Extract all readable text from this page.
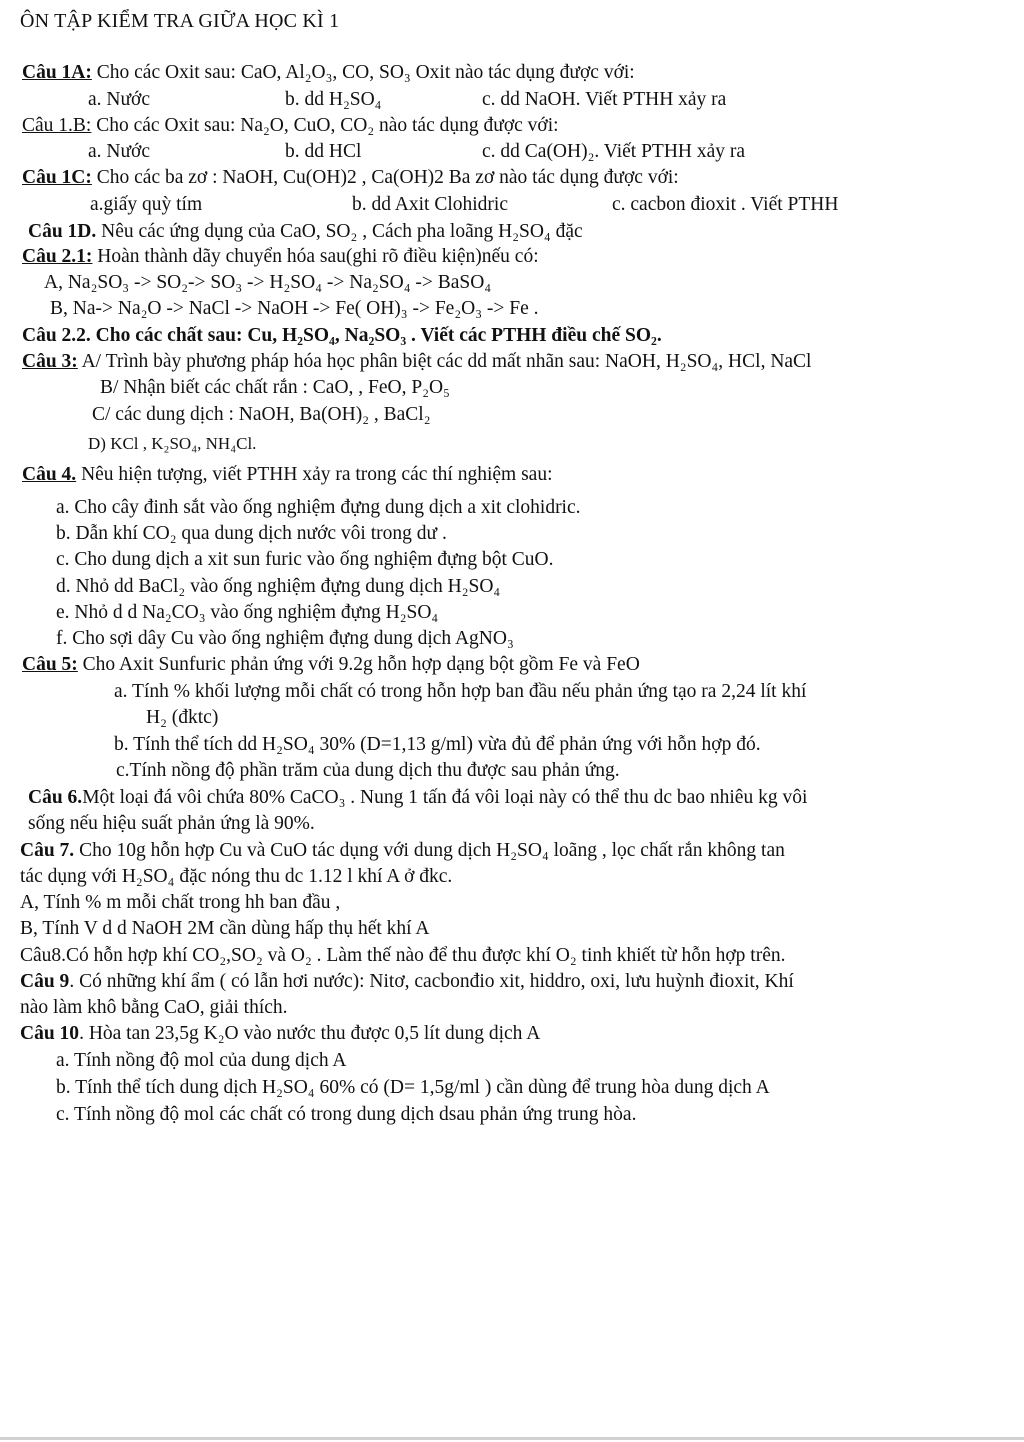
ÔN TẬP KIỂM TRA GIỮA HỌC KÌ 1
Câu 1A: Cho các Oxit sau: CaO, Al₂O₃, CO, SO₃ Oxit nào tác dụng được với:
a. Nước	b. dd H₂SO₄	c. dd NaOH. Viết PTHH xảy ra
Câu 1.B: Cho các Oxit sau: Na₂O, CuO, CO₂ nào tác dụng được với:
a. Nước	b. dd HCl	c. dd Ca(OH)₂. Viết PTHH xảy ra
Câu 1C: Cho các ba zơ : NaOH, Cu(OH)2 , Ca(OH)2 Ba zơ nào tác dụng được với:
a.giấy quỳ tím	b. dd Axit Clohidric	c. cacbon đioxit . Viết PTHH
Câu 1D. Nêu các ứng dụng của CaO, SO₂ , Cách pha loãng H₂SO₄ đặc
Câu 2.1: Hoàn thành dãy chuyển hóa sau(ghi rõ điều kiện)nếu có:
A, Na₂SO₃ -> SO₂-> SO₃ -> H₂SO₄ -> Na₂SO₄ -> BaSO₄
B, Na-> Na₂O -> NaCl -> NaOH -> Fe( OH)₃ -> Fe₂O₃ -> Fe .
Câu 2.2. Cho các chất sau: Cu, H₂SO₄, Na₂SO₃ . Viết các PTHH điều chế SO₂.
Câu 3: A/ Trình bày phương pháp hóa học phân biệt các dd mất nhãn sau: NaOH, H₂SO₄, HCl, NaCl
B/ Nhận biết các chất rắn : CaO, , FeO, P₂O₅
C/ các dung dịch : NaOH, Ba(OH)₂ , BaCl₂
D) KCl , K₂SO₄, NH₄Cl.
Câu 4. Nêu hiện tượng, viết PTHH xảy ra trong các thí nghiệm sau:
a. Cho cây đinh sắt vào ống nghiệm đựng dung dịch a xit clohidric.
b. Dẫn khí CO₂ qua dung dịch nước vôi trong dư .
c. Cho dung dịch a xit sun furic vào ống nghiệm đựng bột CuO.
d. Nhỏ dd BaCl₂ vào ống nghiệm đựng dung dịch H₂SO₄
e. Nhỏ d d Na₂CO₃ vào ống nghiệm đựng H₂SO₄
f. Cho sợi dây Cu vào ống nghiệm đựng dung dịch AgNO₃
Câu 5: Cho Axit Sunfuric phản ứng với 9.2g hỗn hợp dạng bột gồm Fe và FeO
a. Tính % khối lượng mỗi chất có trong hỗn hợp ban đầu nếu phản ứng tạo ra 2,24 lít khí
H₂ (đktc)
b. Tính thể tích dd H₂SO₄ 30% (D=1,13 g/ml) vừa đủ để phản ứng với hỗn hợp đó.
c.Tính nồng độ phần trăm của dung dịch thu được sau phản ứng.
Câu 6.Một loại đá vôi chứa 80% CaCO₃ . Nung 1 tấn đá vôi loại này có thể thu dc bao nhiêu kg vôi
sống nếu hiệu suất phản ứng là 90%.
Câu 7. Cho 10g hỗn hợp Cu và CuO tác dụng với dung dịch H₂SO₄ loãng , lọc chất rắn không tan
tác dụng với H₂SO₄ đặc nóng thu dc 1.12 l khí A ở đkc.
A, Tính % m mỗi chất trong hh ban đầu ,
B, Tính V d d NaOH 2M cần dùng hấp thụ hết khí A
Câu8.Có hỗn hợp khí CO₂,SO₂ và O₂ . Làm thế nào để thu được khí O₂ tinh khiết từ hỗn hợp trên.
Câu 9. Có những khí ẩm ( có lẫn hơi nước): Nitơ, cacbonđio xit, hiddro, oxi, lưu huỳnh đioxit, Khí
nào làm khô bằng CaO, giải thích.
Câu 10. Hòa tan 23,5g K₂O vào nước thu được 0,5 lít dung dịch A
a. Tính nồng độ mol của dung dịch A
b. Tính thể tích dung dịch H₂SO₄ 60% có (D= 1,5g/ml ) cần dùng để trung hòa dung dịch A
c. Tính nồng độ mol các chất có trong dung dịch dsau phản ứng trung hòa.
